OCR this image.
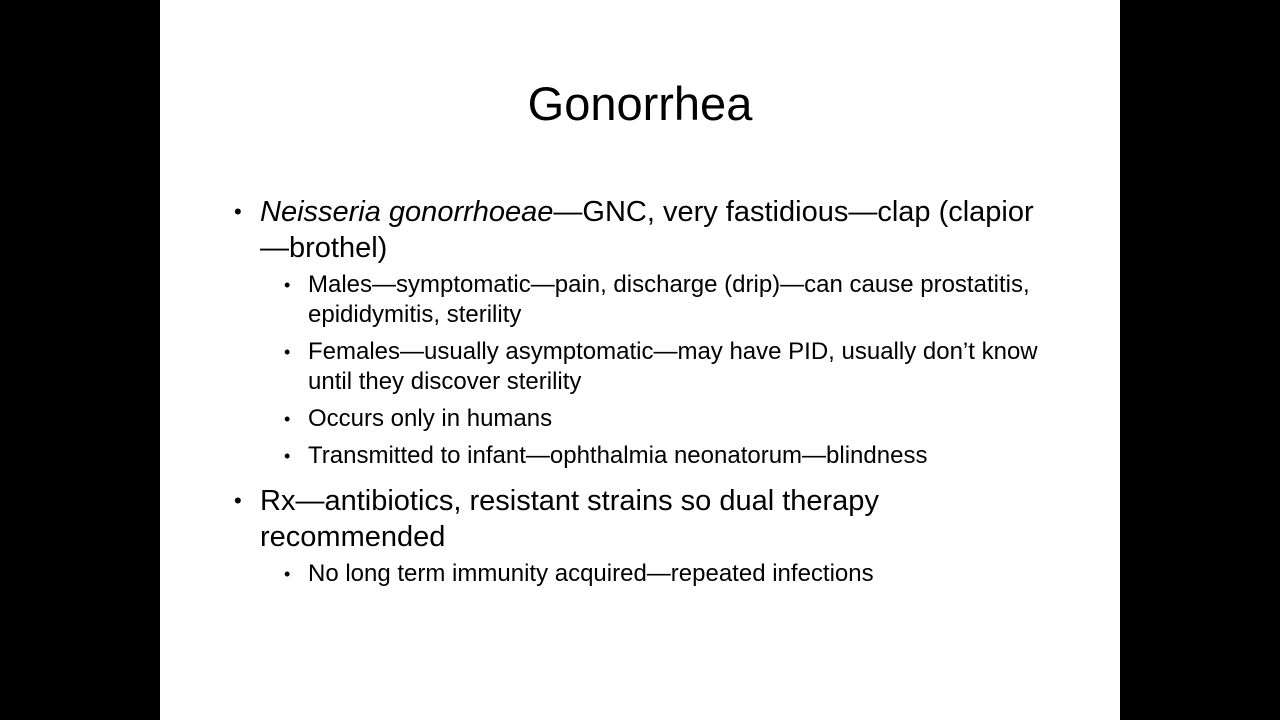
Gonorrhea
• Neisseria gonorrhoeae—GNC, very fastidious—clap (clapior—brothel)
• Males—symptomatic—pain, discharge (drip)—can cause prostatitis, epididymitis, sterility
• Females—usually asymptomatic—may have PID, usually don’t know until they discover sterility
• Occurs only in humans
• Transmitted to infant—ophthalmia neonatorum—blindness
• Rx—antibiotics, resistant strains so dual therapy recommended
• No long term immunity acquired—repeated infections
